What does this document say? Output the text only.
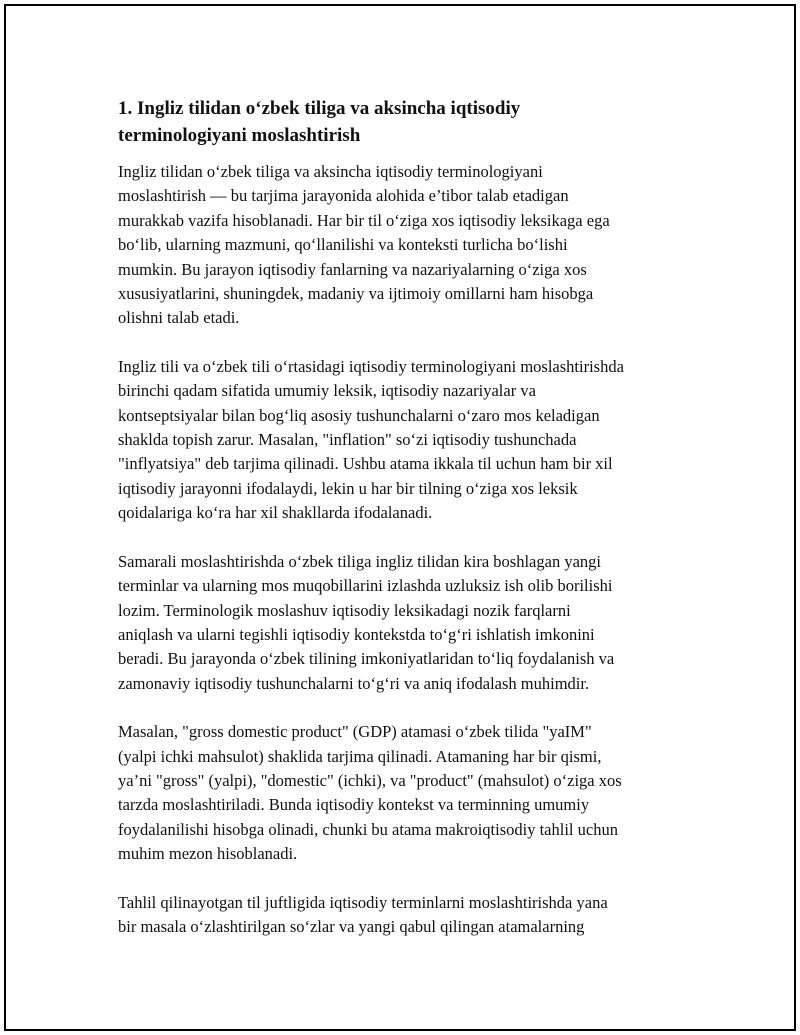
1. Ingliz tilidan o‘zbek tiliga va aksincha iqtisodiy
terminologiyani moslashtirish

Ingliz tilidan o‘zbek tiliga va aksincha iqtisodiy terminologiyani
moslashtirish — bu tarjima jarayonida alohida e’tibor talab etadigan
murakkab vazifa hisoblanadi. Har bir til o‘ziga xos iqtisodiy leksikaga ega
bo‘lib, ularning mazmuni, qo‘llanilishi va konteksti turlicha bo‘lishi
mumkin. Bu jarayon iqtisodiy fanlarning va nazariyalarning o‘ziga xos
xususiyatlarini, shuningdek, madaniy va ijtimoiy omillarni ham hisobga
olishni talab etadi.

Ingliz tili va o‘zbek tili o‘rtasidagi iqtisodiy terminologiyani moslashtirishda
birinchi qadam sifatida umumiy leksik, iqtisodiy nazariyalar va
kontseptsiyalar bilan bog‘liq asosiy tushunchalarni o‘zaro mos keladigan
shaklda topish zarur. Masalan, "inflation" so‘zi iqtisodiy tushunchada
"inflyatsiya" deb tarjima qilinadi. Ushbu atama ikkala til uchun ham bir xil
iqtisodiy jarayonni ifodalaydi, lekin u har bir tilning o‘ziga xos leksik
qoidalariga ko‘ra har xil shakllarda ifodalanadi.

Samarali moslashtirishda o‘zbek tiliga ingliz tilidan kira boshlagan yangi
terminlar va ularning mos muqobillarini izlashda uzluksiz ish olib borilishi
lozim. Terminologik moslashuv iqtisodiy leksikadagi nozik farqlarni
aniqlash va ularni tegishli iqtisodiy kontekstda to‘g‘ri ishlatish imkonini
beradi. Bu jarayonda o‘zbek tilining imkoniyatlaridan to‘liq foydalanish va
zamonaviy iqtisodiy tushunchalarni to‘g‘ri va aniq ifodalash muhimdir.

Masalan, "gross domestic product" (GDP) atamasi o‘zbek tilida "yaIM"
(yalpi ichki mahsulot) shaklida tarjima qilinadi. Atamaning har bir qismi,
ya’ni "gross" (yalpi), "domestic" (ichki), va "product" (mahsulot) o‘ziga xos
tarzda moslashtiriladi. Bunda iqtisodiy kontekst va terminning umumiy
foydalanilishi hisobga olinadi, chunki bu atama makroiqtisodiy tahlil uchun
muhim mezon hisoblanadi.

Tahlil qilinayotgan til juftligida iqtisodiy terminlarni moslashtirishda yana
bir masala o‘zlashtirilgan so‘zlar va yangi qabul qilingan atamalarning
